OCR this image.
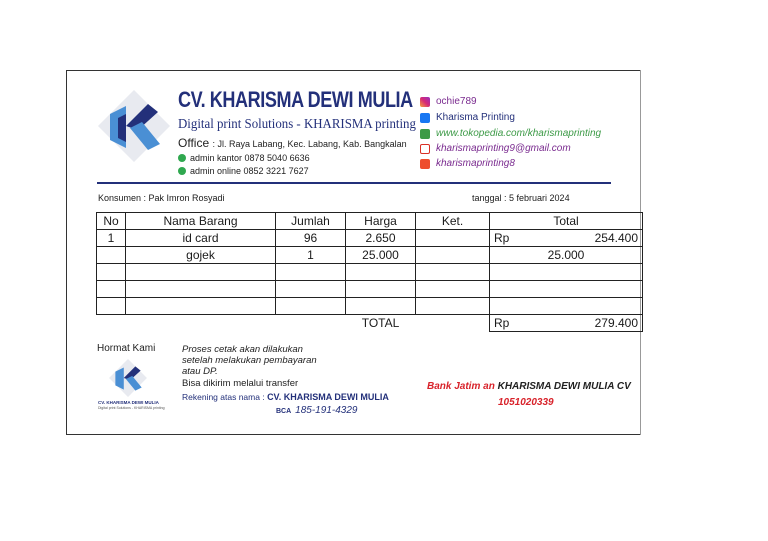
CV. KHARISMA DEWI MULIA
Digital print Solutions - KHARISMA printing
Office : Jl. Raya Labang, Kec. Labang, Kab. Bangkalan
admin kantor 0878 5040 6636
admin online 0852 3221 7627
ochie789
Kharisma Printing
www.tokopedia.com/kharismaprinting
kharismaprinting9@gmail.com
kharismaprinting8
Konsumen : Pak Imron Rosyadi	tanggal : 5 februari 2024
No	Nama Barang	Jumlah	Harga	Ket.	Total
1	id card	96	2.650		Rp 254.400

	gojek	1	25.000		25.000

			TOTAL		Rp 279.400
Hormat Kami
CV. KHARISMA DEWI MULIA
Digital print Solutions - KHARISMA printing
Proses cetak akan dilakukan
setelah melakukan pembayaran
atau DP.
Bisa dikirim melalui transfer
Rekening atas nama : CV. KHARISMA DEWI MULIA
BCA 185-191-4329
Bank Jatim an KHARISMA DEWI MULIA CV
1051020339
